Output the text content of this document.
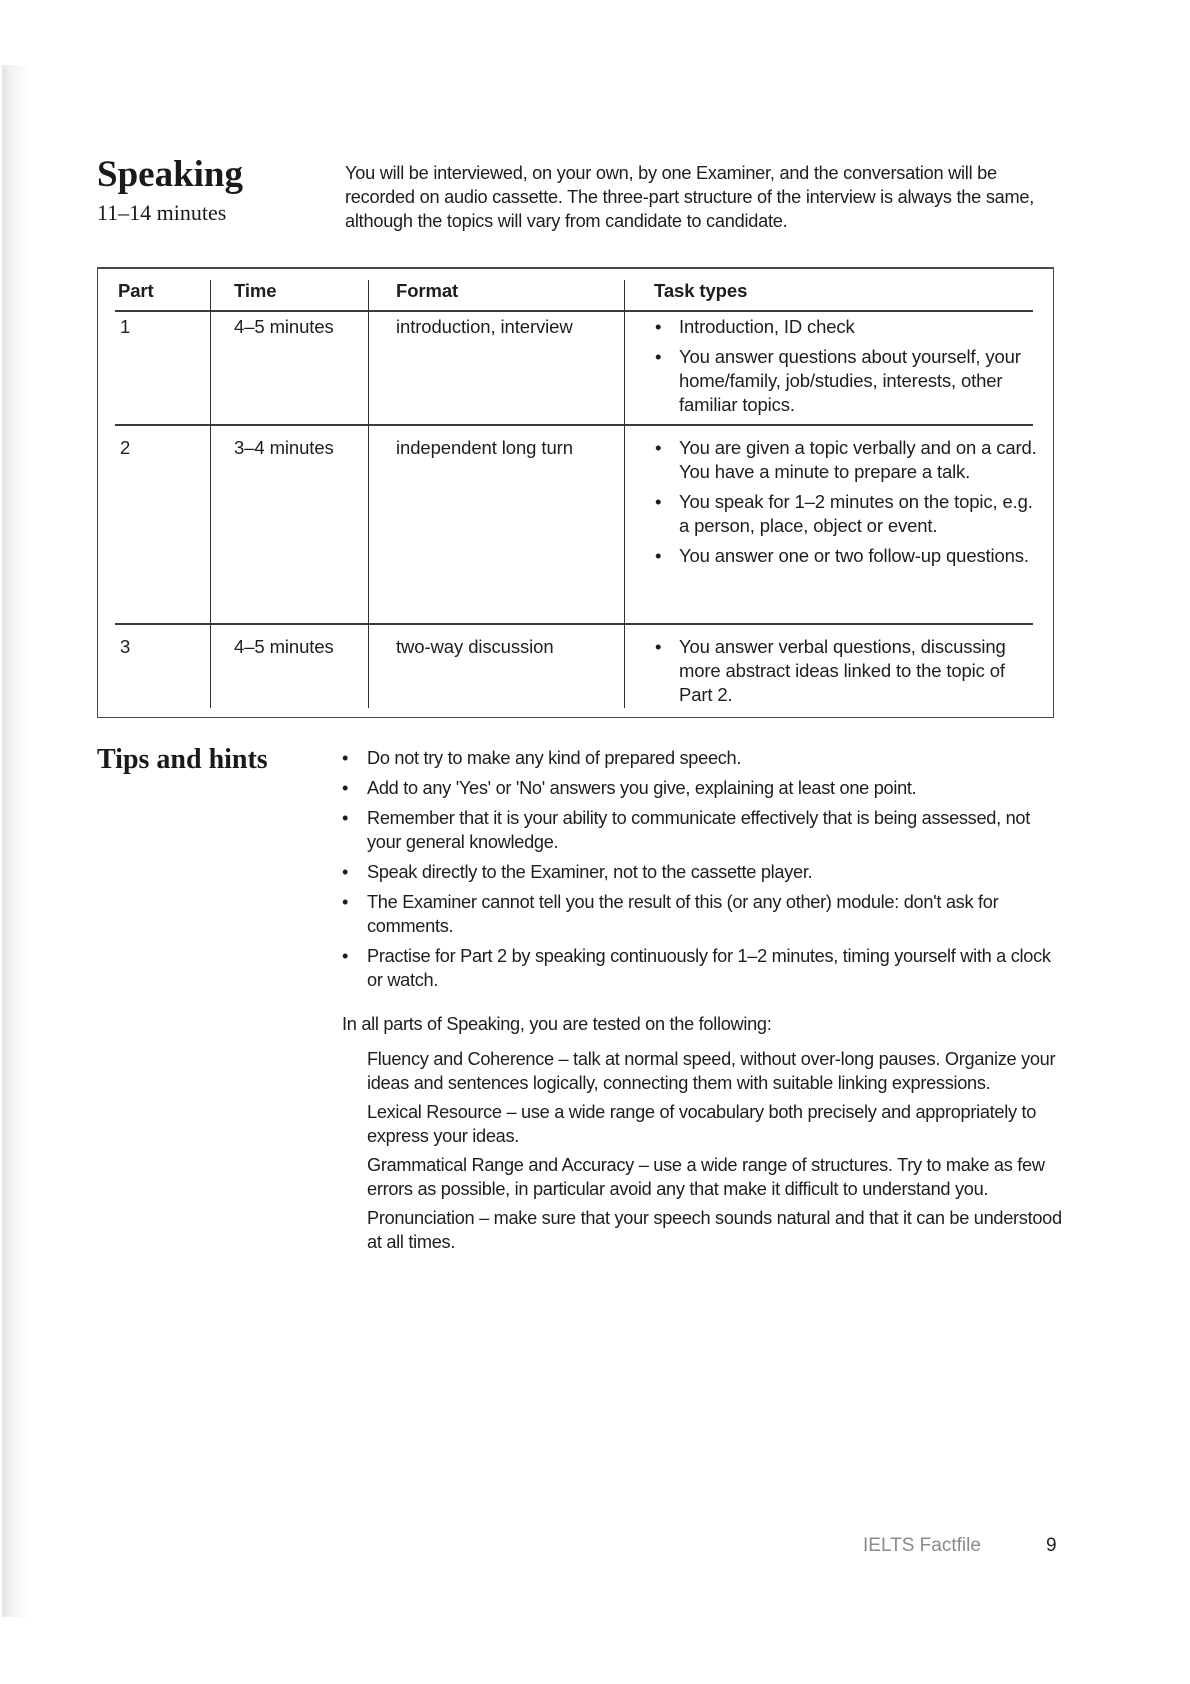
Speaking
11–14 minutes

You will be interviewed, on your own, by one Examiner, and the conversation will be recorded on audio cassette. The three-part structure of the interview is always the same, although the topics will vary from candidate to candidate.

Part	Time	Format	Task types
1	4–5 minutes	introduction, interview	• Introduction, ID check
• You answer questions about yourself, your home/family, job/studies, interests, other familiar topics.
2	3–4 minutes	independent long turn	• You are given a topic verbally and on a card. You have a minute to prepare a talk.
• You speak for 1–2 minutes on the topic, e.g. a person, place, object or event.
• You answer one or two follow-up questions.
3	4–5 minutes	two-way discussion	• You answer verbal questions, discussing more abstract ideas linked to the topic of Part 2.
Tips and hints	• Do not try to make any kind of prepared speech.
• Add to any 'Yes' or 'No' answers you give, explaining at least one point.
• Remember that it is your ability to communicate effectively that is being assessed, not your general knowledge.
• Speak directly to the Examiner, not to the cassette player.
• The Examiner cannot tell you the result of this (or any other) module: don't ask for comments.
• Practise for Part 2 by speaking continuously for 1–2 minutes, timing yourself with a clock or watch.

In all parts of Speaking, you are tested on the following:

Fluency and Coherence – talk at normal speed, without over-long pauses. Organize your ideas and sentences logically, connecting them with suitable linking expressions.

Lexical Resource – use a wide range of vocabulary both precisely and appropriately to express your ideas.

Grammatical Range and Accuracy – use a wide range of structures. Try to make as few errors as possible, in particular avoid any that make it difficult to understand you.

Pronunciation – make sure that your speech sounds natural and that it can be understood at all times.

IELTS Factfile	9
